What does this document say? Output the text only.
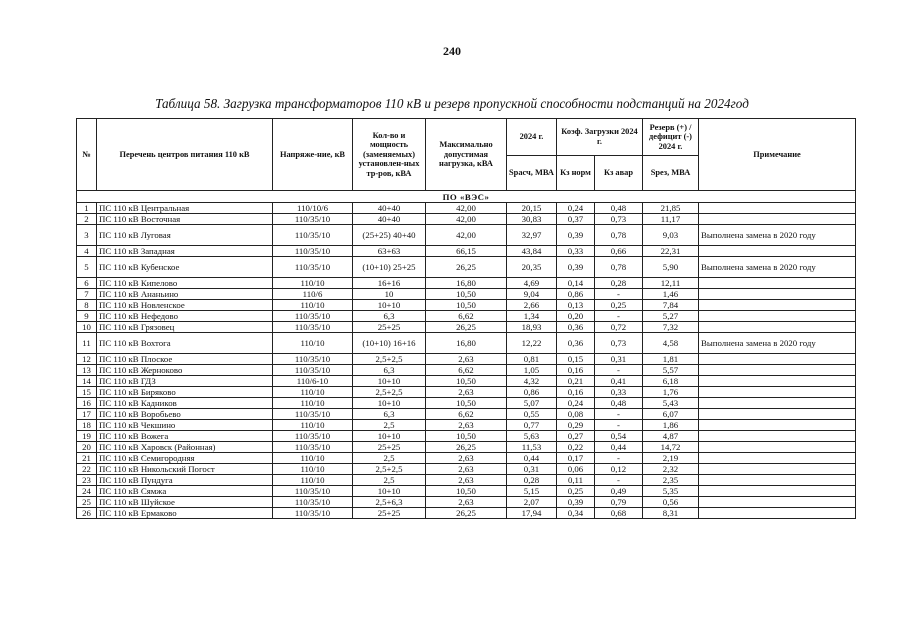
240
Таблица 58. Загрузка трансформаторов 110 кВ и резерв пропускной способности подстанций на 2024год
№	Перечень центров питания 110 кВ	Напряже-ние, кВ	Кол-во и мощность (заменяемых) установлен-ных тр-ров, кВА	Максимально допустимая нагрузка, кВА	2024 г.	Коэф. Загрузки 2024 г.		Резерв (+) / дефицит (-) 2024 г.	Примечание
					Sрасч, МВА	Кз норм	Кз авар	Sрез, МВА	
ПО «ВЭС»									
1	ПС 110 кВ Центральная	110/10/6	40+40	42,00	20,15	0,24	0,48	21,85	
2	ПС 110 кВ Восточная	110/35/10	40+40	42,00	30,83	0,37	0,73	11,17	
3	ПС 110 кВ Луговая	110/35/10	(25+25) 40+40	42,00	32,97	0,39	0,78	9,03	Выполнена замена в 2020 году
4	ПС 110 кВ Западная	110/35/10	63+63	66,15	43,84	0,33	0,66	22,31	
5	ПС 110 кВ Кубенское	110/35/10	(10+10) 25+25	26,25	20,35	0,39	0,78	5,90	Выполнена замена в 2020 году
6	ПС 110 кВ Кипелово	110/10	16+16	16,80	4,69	0,14	0,28	12,11	
7	ПС 110 кВ Ананьино	110/6	10	10,50	9,04	0,86	-	1,46	
8	ПС 110 кВ Новленское	110/10	10+10	10,50	2,66	0,13	0,25	7,84	
9	ПС 110 кВ Нефедово	110/35/10	6,3	6,62	1,34	0,20	-	5,27	
10	ПС 110 кВ Грязовец	110/35/10	25+25	26,25	18,93	0,36	0,72	7,32	
11	ПС 110 кВ Вохтога	110/10	(10+10) 16+16	16,80	12,22	0,36	0,73	4,58	Выполнена замена в 2020 году
12	ПС 110 кВ Плоское	110/35/10	2,5+2,5	2,63	0,81	0,15	0,31	1,81	
13	ПС 110 кВ Жерноково	110/35/10	6,3	6,62	1,05	0,16	-	5,57	
14	ПС 110 кВ ГДЗ	110/6-10	10+10	10,50	4,32	0,21	0,41	6,18	
15	ПС 110 кВ Биряково	110/10	2,5+2,5	2,63	0,86	0,16	0,33	1,76	
16	ПС 110 кВ Кадников	110/10	10+10	10,50	5,07	0,24	0,48	5,43	
17	ПС 110 кВ Воробьево	110/35/10	6,3	6,62	0,55	0,08	-	6,07	
18	ПС 110 кВ Чекшино	110/10	2,5	2,63	0,77	0,29	-	1,86	
19	ПС 110 кВ Вожега	110/35/10	10+10	10,50	5,63	0,27	0,54	4,87	
20	ПС 110 кВ Харовск (Районная)	110/35/10	25+25	26,25	11,53	0,22	0,44	14,72	
21	ПС 110 кВ Семигородняя	110/10	2,5	2,63	0,44	0,17	-	2,19	
22	ПС 110 кВ Никольский Погост	110/10	2,5+2,5	2,63	0,31	0,06	0,12	2,32	
23	ПС 110 кВ Пундуга	110/10	2,5	2,63	0,28	0,11	-	2,35	
24	ПС 110 кВ Сямжа	110/35/10	10+10	10,50	5,15	0,25	0,49	5,35	
25	ПС 110 кВ Шуйское	110/35/10	2,5+6,3	2,63	2,07	0,39	0,79	0,56	
26	ПС 110 кВ Ермаково	110/35/10	25+25	26,25	17,94	0,34	0,68	8,31	
